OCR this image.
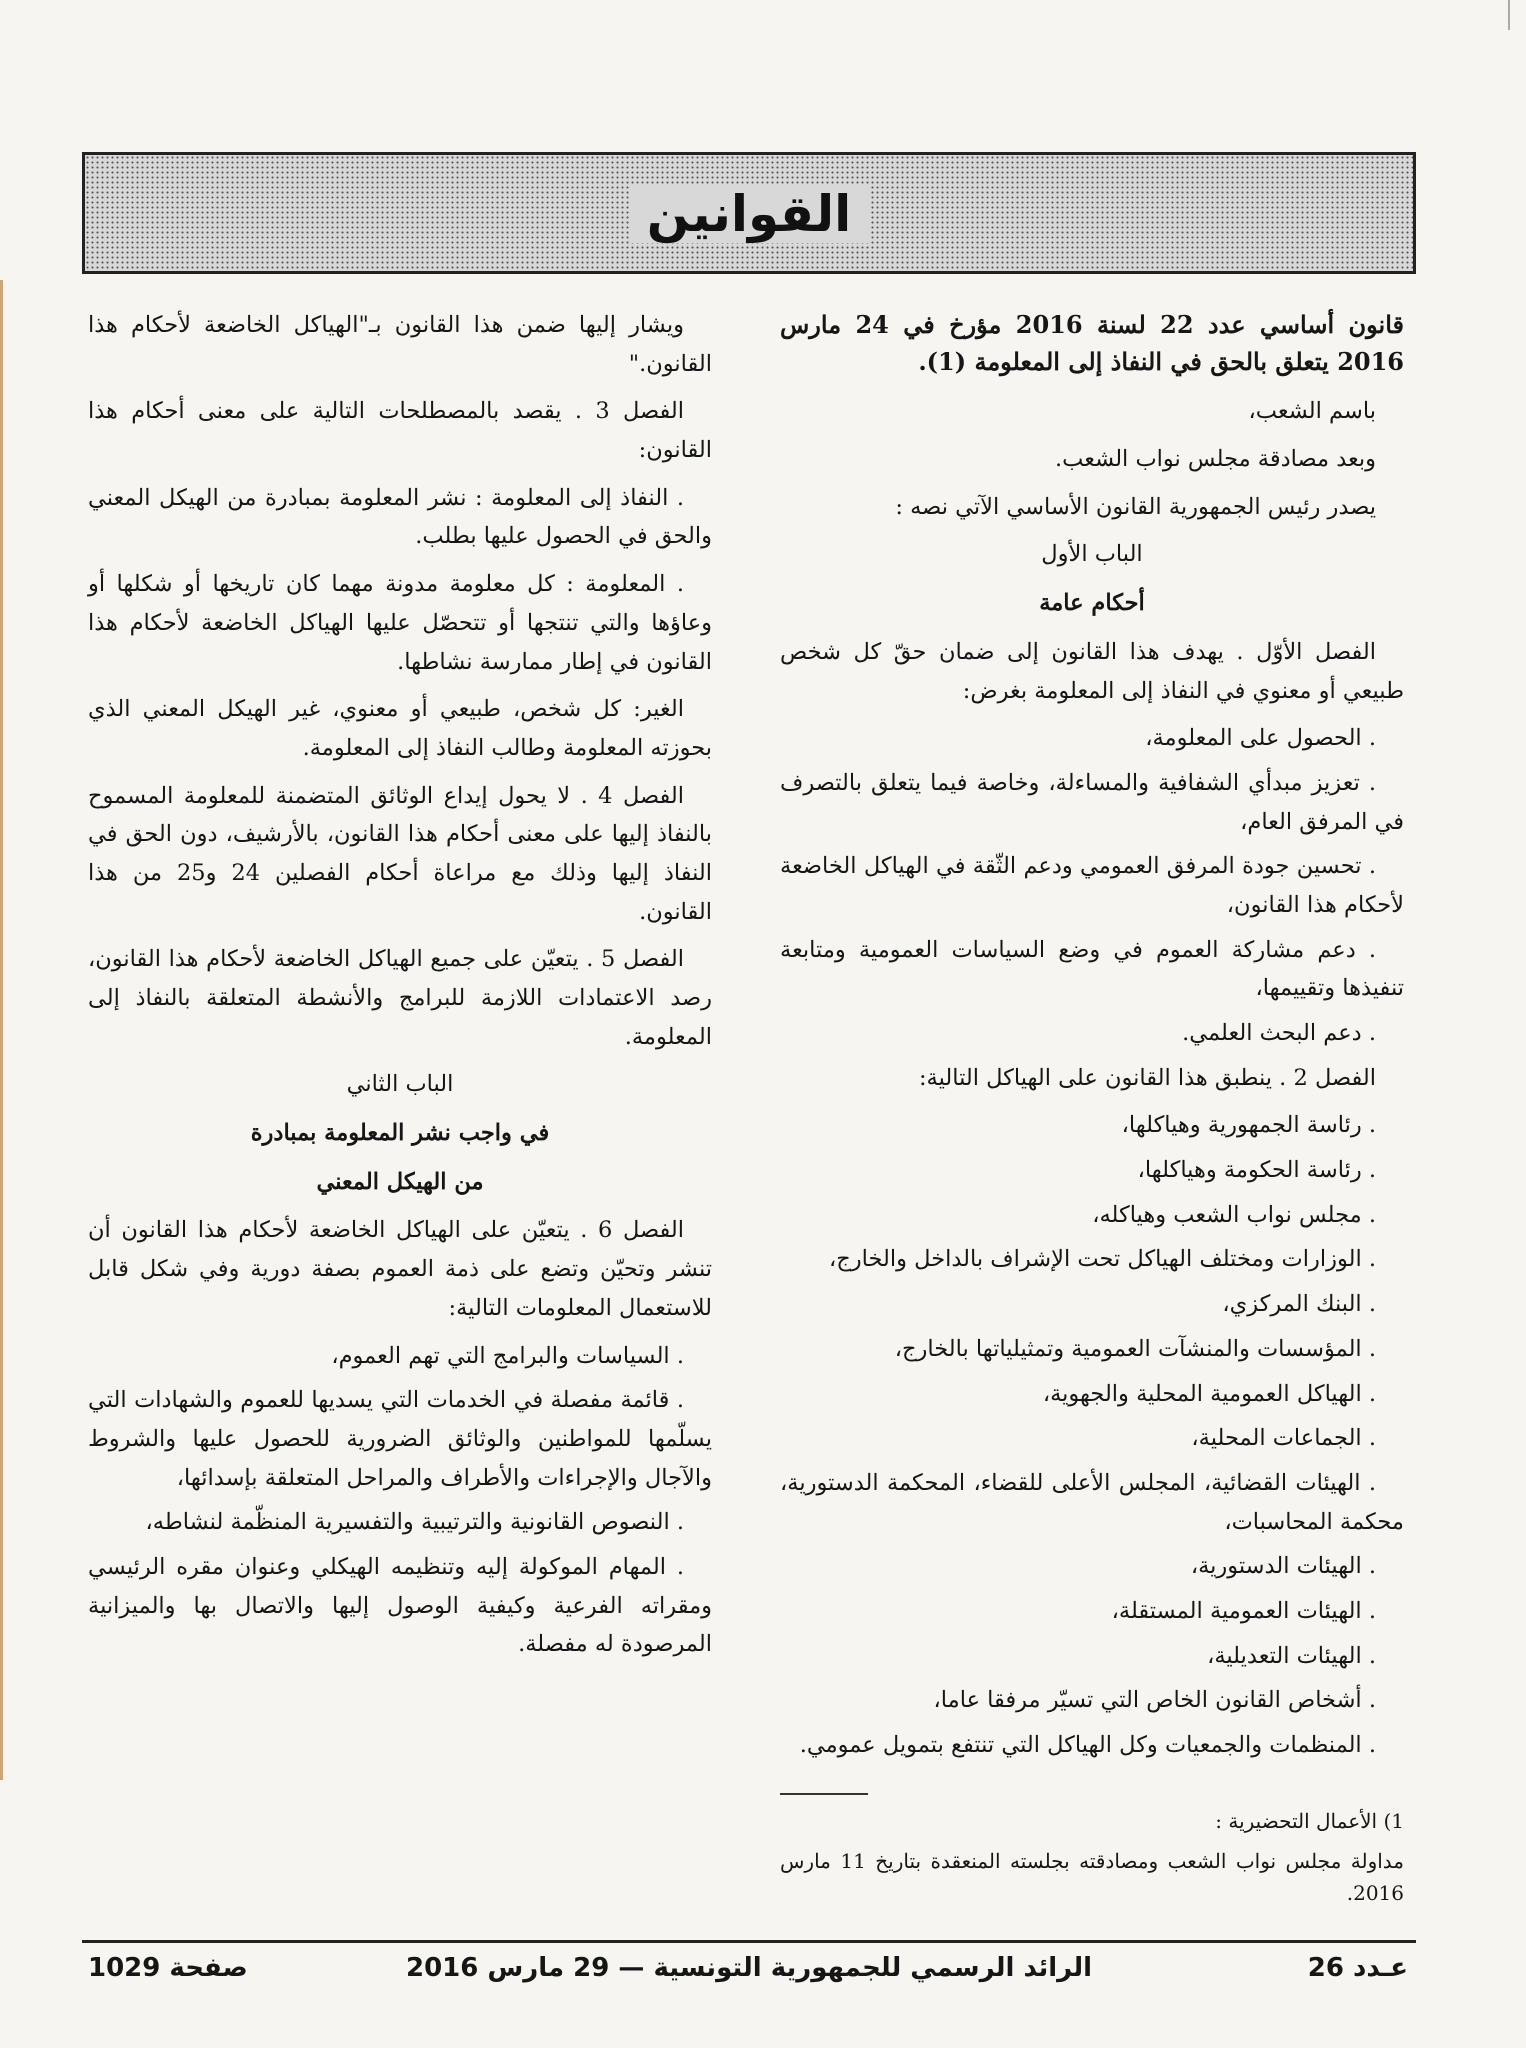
القوانين

قانون أساسي عدد 22 لسنة 2016 مؤرخ في 24 مارس 2016 يتعلق بالحق في النفاذ إلى المعلومة (1).

باسم الشعب،

وبعد مصادقة مجلس نواب الشعب.

يصدر رئيس الجمهورية القانون الأساسي الآتي نصه :

الباب الأول

أحكام عامة

الفصل الأوّل . يهدف هذا القانون إلى ضمان حقّ كل شخص طبيعي أو معنوي في النفاذ إلى المعلومة بغرض:

. الحصول على المعلومة،

. تعزيز مبدأي الشفافية والمساءلة، وخاصة فيما يتعلق بالتصرف في المرفق العام،

. تحسين جودة المرفق العمومي ودعم الثّقة في الهياكل الخاضعة لأحكام هذا القانون،

. دعم مشاركة العموم في وضع السياسات العمومية ومتابعة تنفيذها وتقييمها،

. دعم البحث العلمي.

الفصل 2 . ينطبق هذا القانون على الهياكل التالية:

. رئاسة الجمهورية وهياكلها،

. رئاسة الحكومة وهياكلها،

. مجلس نواب الشعب وهياكله،

. الوزارات ومختلف الهياكل تحت الإشراف بالداخل والخارج،

. البنك المركزي،

. المؤسسات والمنشآت العمومية وتمثيلياتها بالخارج،

. الهياكل العمومية المحلية والجهوية،

. الجماعات المحلية،

. الهيئات القضائية، المجلس الأعلى للقضاء، المحكمة الدستورية، محكمة المحاسبات،

. الهيئات الدستورية،

. الهيئات العمومية المستقلة،

. الهيئات التعديلية،

. أشخاص القانون الخاص التي تسيّر مرفقا عاما،

. المنظمات والجمعيات وكل الهياكل التي تنتفع بتمويل عمومي.

1) الأعمال التحضيرية :

مداولة مجلس نواب الشعب ومصادقته بجلسته المنعقدة بتاريخ 11 مارس 2016.

ويشار إليها ضمن هذا القانون بـ"الهياكل الخاضعة لأحكام هذا القانون."

الفصل 3 . يقصد بالمصطلحات التالية على معنى أحكام هذا القانون:

. النفاذ إلى المعلومة : نشر المعلومة بمبادرة من الهيكل المعني والحق في الحصول عليها بطلب.

. المعلومة : كل معلومة مدونة مهما كان تاريخها أو شكلها أو وعاؤها والتي تنتجها أو تتحصّل عليها الهياكل الخاضعة لأحكام هذا القانون في إطار ممارسة نشاطها.

الغير: كل شخص، طبيعي أو معنوي، غير الهيكل المعني الذي بحوزته المعلومة وطالب النفاذ إلى المعلومة.

الفصل 4 . لا يحول إيداع الوثائق المتضمنة للمعلومة المسموح بالنفاذ إليها على معنى أحكام هذا القانون، بالأرشيف، دون الحق في النفاذ إليها وذلك مع مراعاة أحكام الفصلين 24 و25 من هذا القانون.

الفصل 5 . يتعيّن على جميع الهياكل الخاضعة لأحكام هذا القانون، رصد الاعتمادات اللازمة للبرامج والأنشطة المتعلقة بالنفاذ إلى المعلومة.

الباب الثاني

في واجب نشر المعلومة بمبادرة

من الهيكل المعني

الفصل 6 . يتعيّن على الهياكل الخاضعة لأحكام هذا القانون أن تنشر وتحيّن وتضع على ذمة العموم بصفة دورية وفي شكل قابل للاستعمال المعلومات التالية:

. السياسات والبرامج التي تهم العموم،

. قائمة مفصلة في الخدمات التي يسديها للعموم والشهادات التي يسلّمها للمواطنين والوثائق الضرورية للحصول عليها والشروط والآجال والإجراءات والأطراف والمراحل المتعلقة بإسدائها،

. النصوص القانونية والترتيبية والتفسيرية المنظّمة لنشاطه،

. المهام الموكولة إليه وتنظيمه الهيكلي وعنوان مقره الرئيسي ومقراته الفرعية وكيفية الوصول إليها والاتصال بها والميزانية المرصودة له مفصلة.

عـدد 26
الرائد الرسمي للجمهورية التونسية — 29 مارس 2016
صفحة 1029
